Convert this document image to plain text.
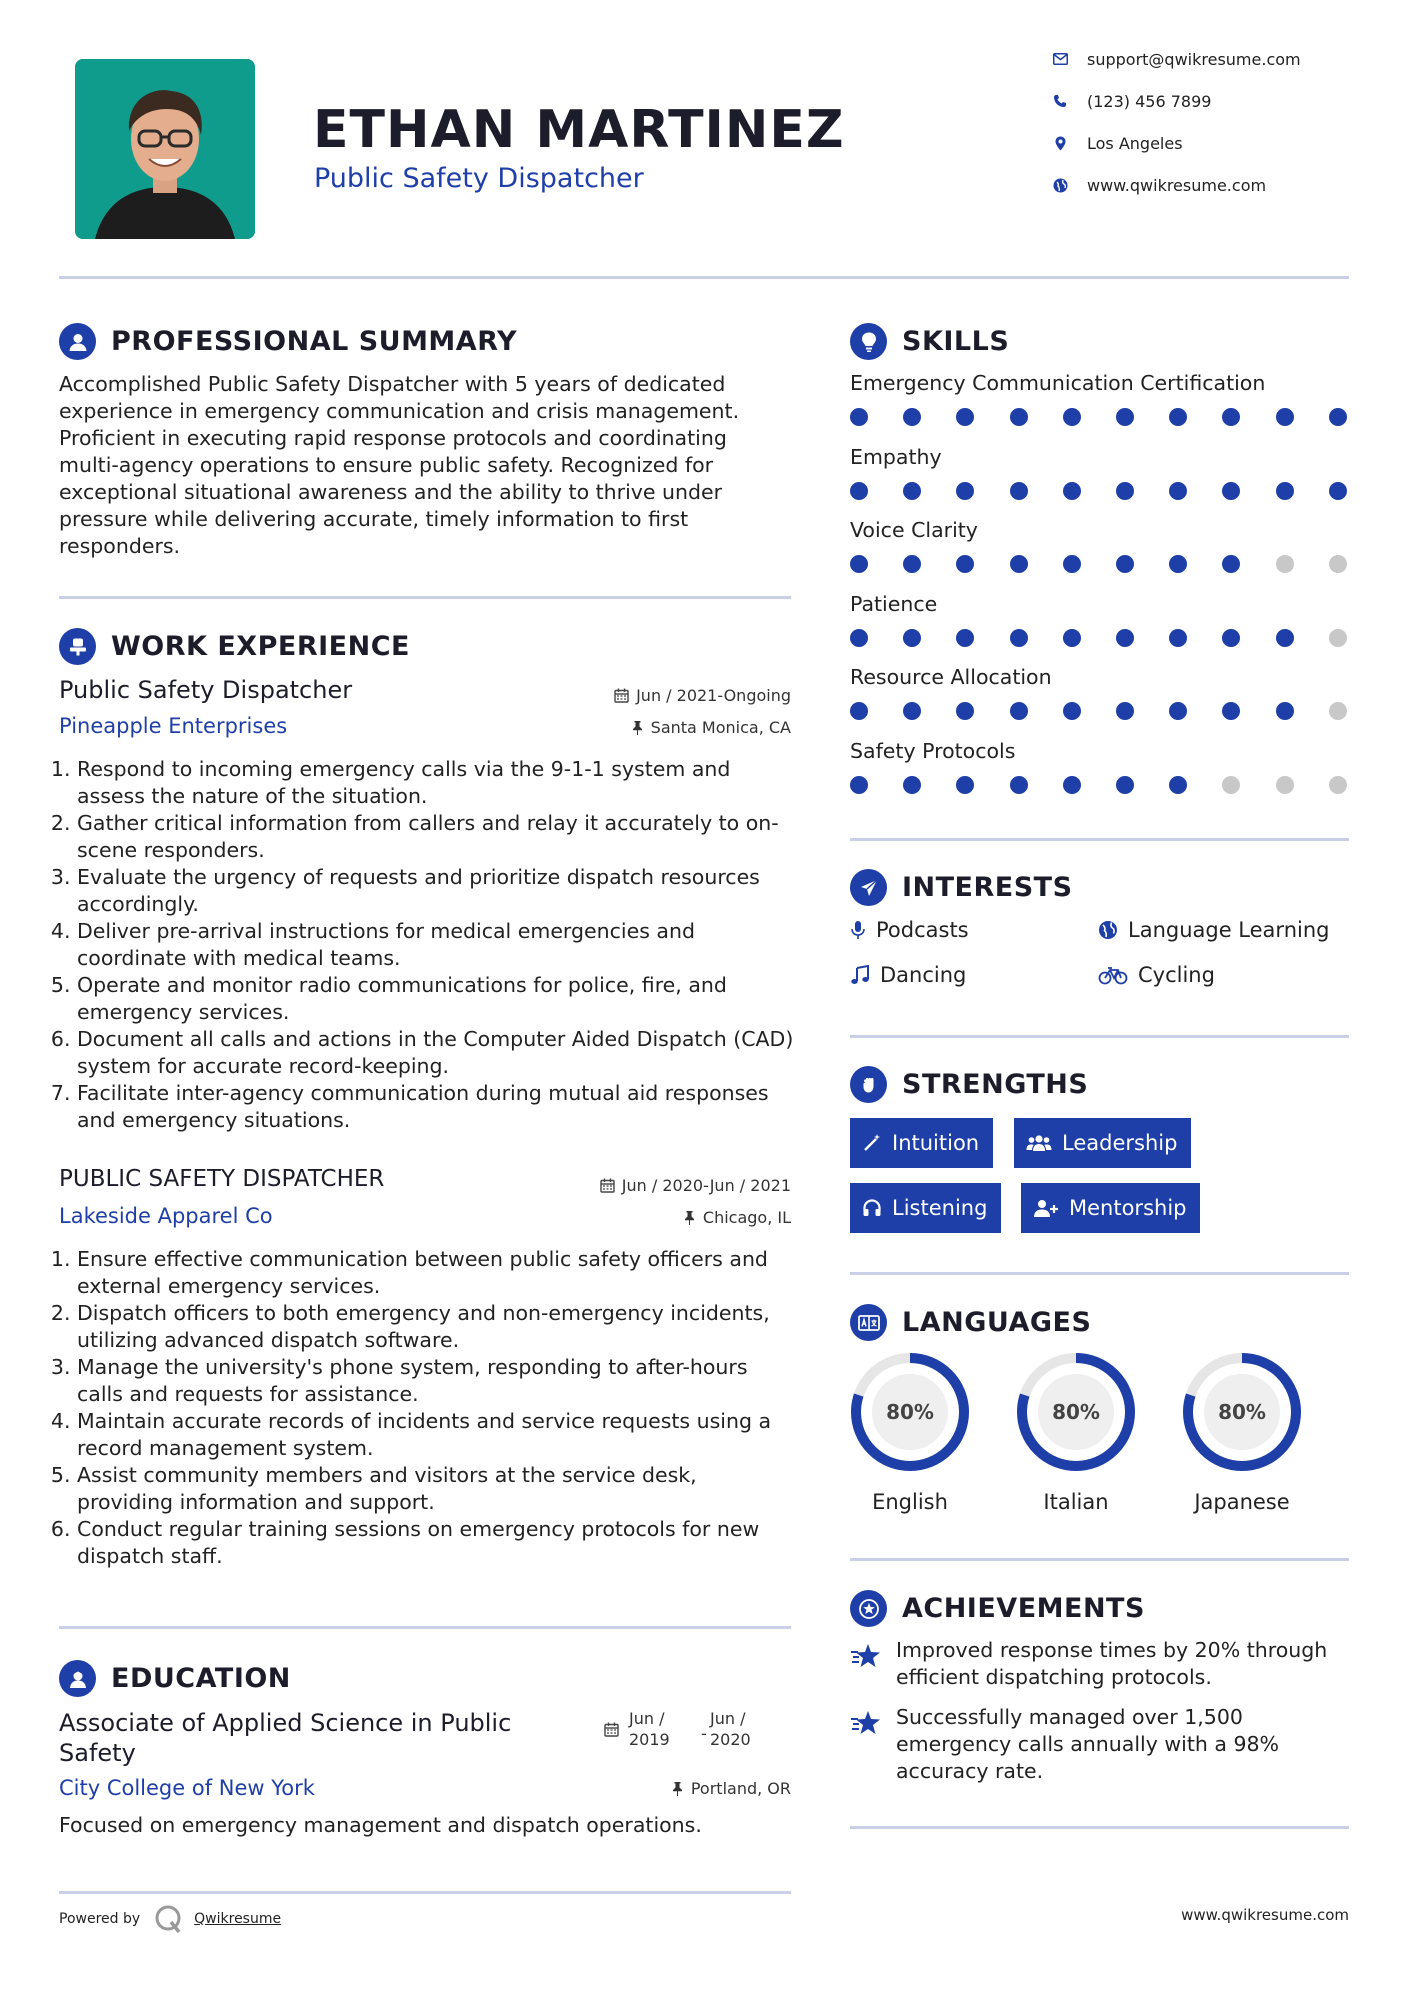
ETHAN MARTINEZ
Public Safety Dispatcher
support@qwikresume.com
(123) 456 7899
Los Angeles
www.qwikresume.com
PROFESSIONAL SUMMARY
Accomplished Public Safety Dispatcher with 5 years of dedicated
experience in emergency communication and crisis management.
Proficient in executing rapid response protocols and coordinating
multi-agency operations to ensure public safety. Recognized for
exceptional situational awareness and the ability to thrive under
pressure while delivering accurate, timely information to first
responders.
WORK EXPERIENCE
Public Safety Dispatcher	Jun / 2021-Ongoing
Pineapple Enterprises	Santa Monica, CA
1. Respond to incoming emergency calls via the 9-1-1 system and assess the nature of the situation.
2. Gather critical information from callers and relay it accurately to on-scene responders.
3. Evaluate the urgency of requests and prioritize dispatch resources accordingly.
4. Deliver pre-arrival instructions for medical emergencies and coordinate with medical teams.
5. Operate and monitor radio communications for police, fire, and emergency services.
6. Document all calls and actions in the Computer Aided Dispatch (CAD) system for accurate record-keeping.
7. Facilitate inter-agency communication during mutual aid responses and emergency situations.
PUBLIC SAFETY DISPATCHER	Jun / 2020-Jun / 2021
Lakeside Apparel Co	Chicago, IL
1. Ensure effective communication between public safety officers and external emergency services.
2. Dispatch officers to both emergency and non-emergency incidents, utilizing advanced dispatch software.
3. Manage the university's phone system, responding to after-hours calls and requests for assistance.
4. Maintain accurate records of incidents and service requests using a record management system.
5. Assist community members and visitors at the service desk, providing information and support.
6. Conduct regular training sessions on emergency protocols for new dispatch staff.
EDUCATION
Associate of Applied Science in Public
Safety
Jun /
2019 -
Jun /
2020
City College of New York	Portland, OR
Focused on emergency management and dispatch operations.
SKILLS
Emergency Communication Certification
Empathy
Voice Clarity
Patience
Resource Allocation
Safety Protocols
INTERESTS
Podcasts	Language Learning
Dancing	Cycling
STRENGTHS
Intuition	Leadership
Listening	Mentorship
LANGUAGES
80%
English
80%
Italian
80%
Japanese
ACHIEVEMENTS
Improved response times by 20% through
efficient dispatching protocols.
Successfully managed over 1,500
emergency calls annually with a 98%
accuracy rate.
Powered by	Qwikresume	www.qwikresume.com
